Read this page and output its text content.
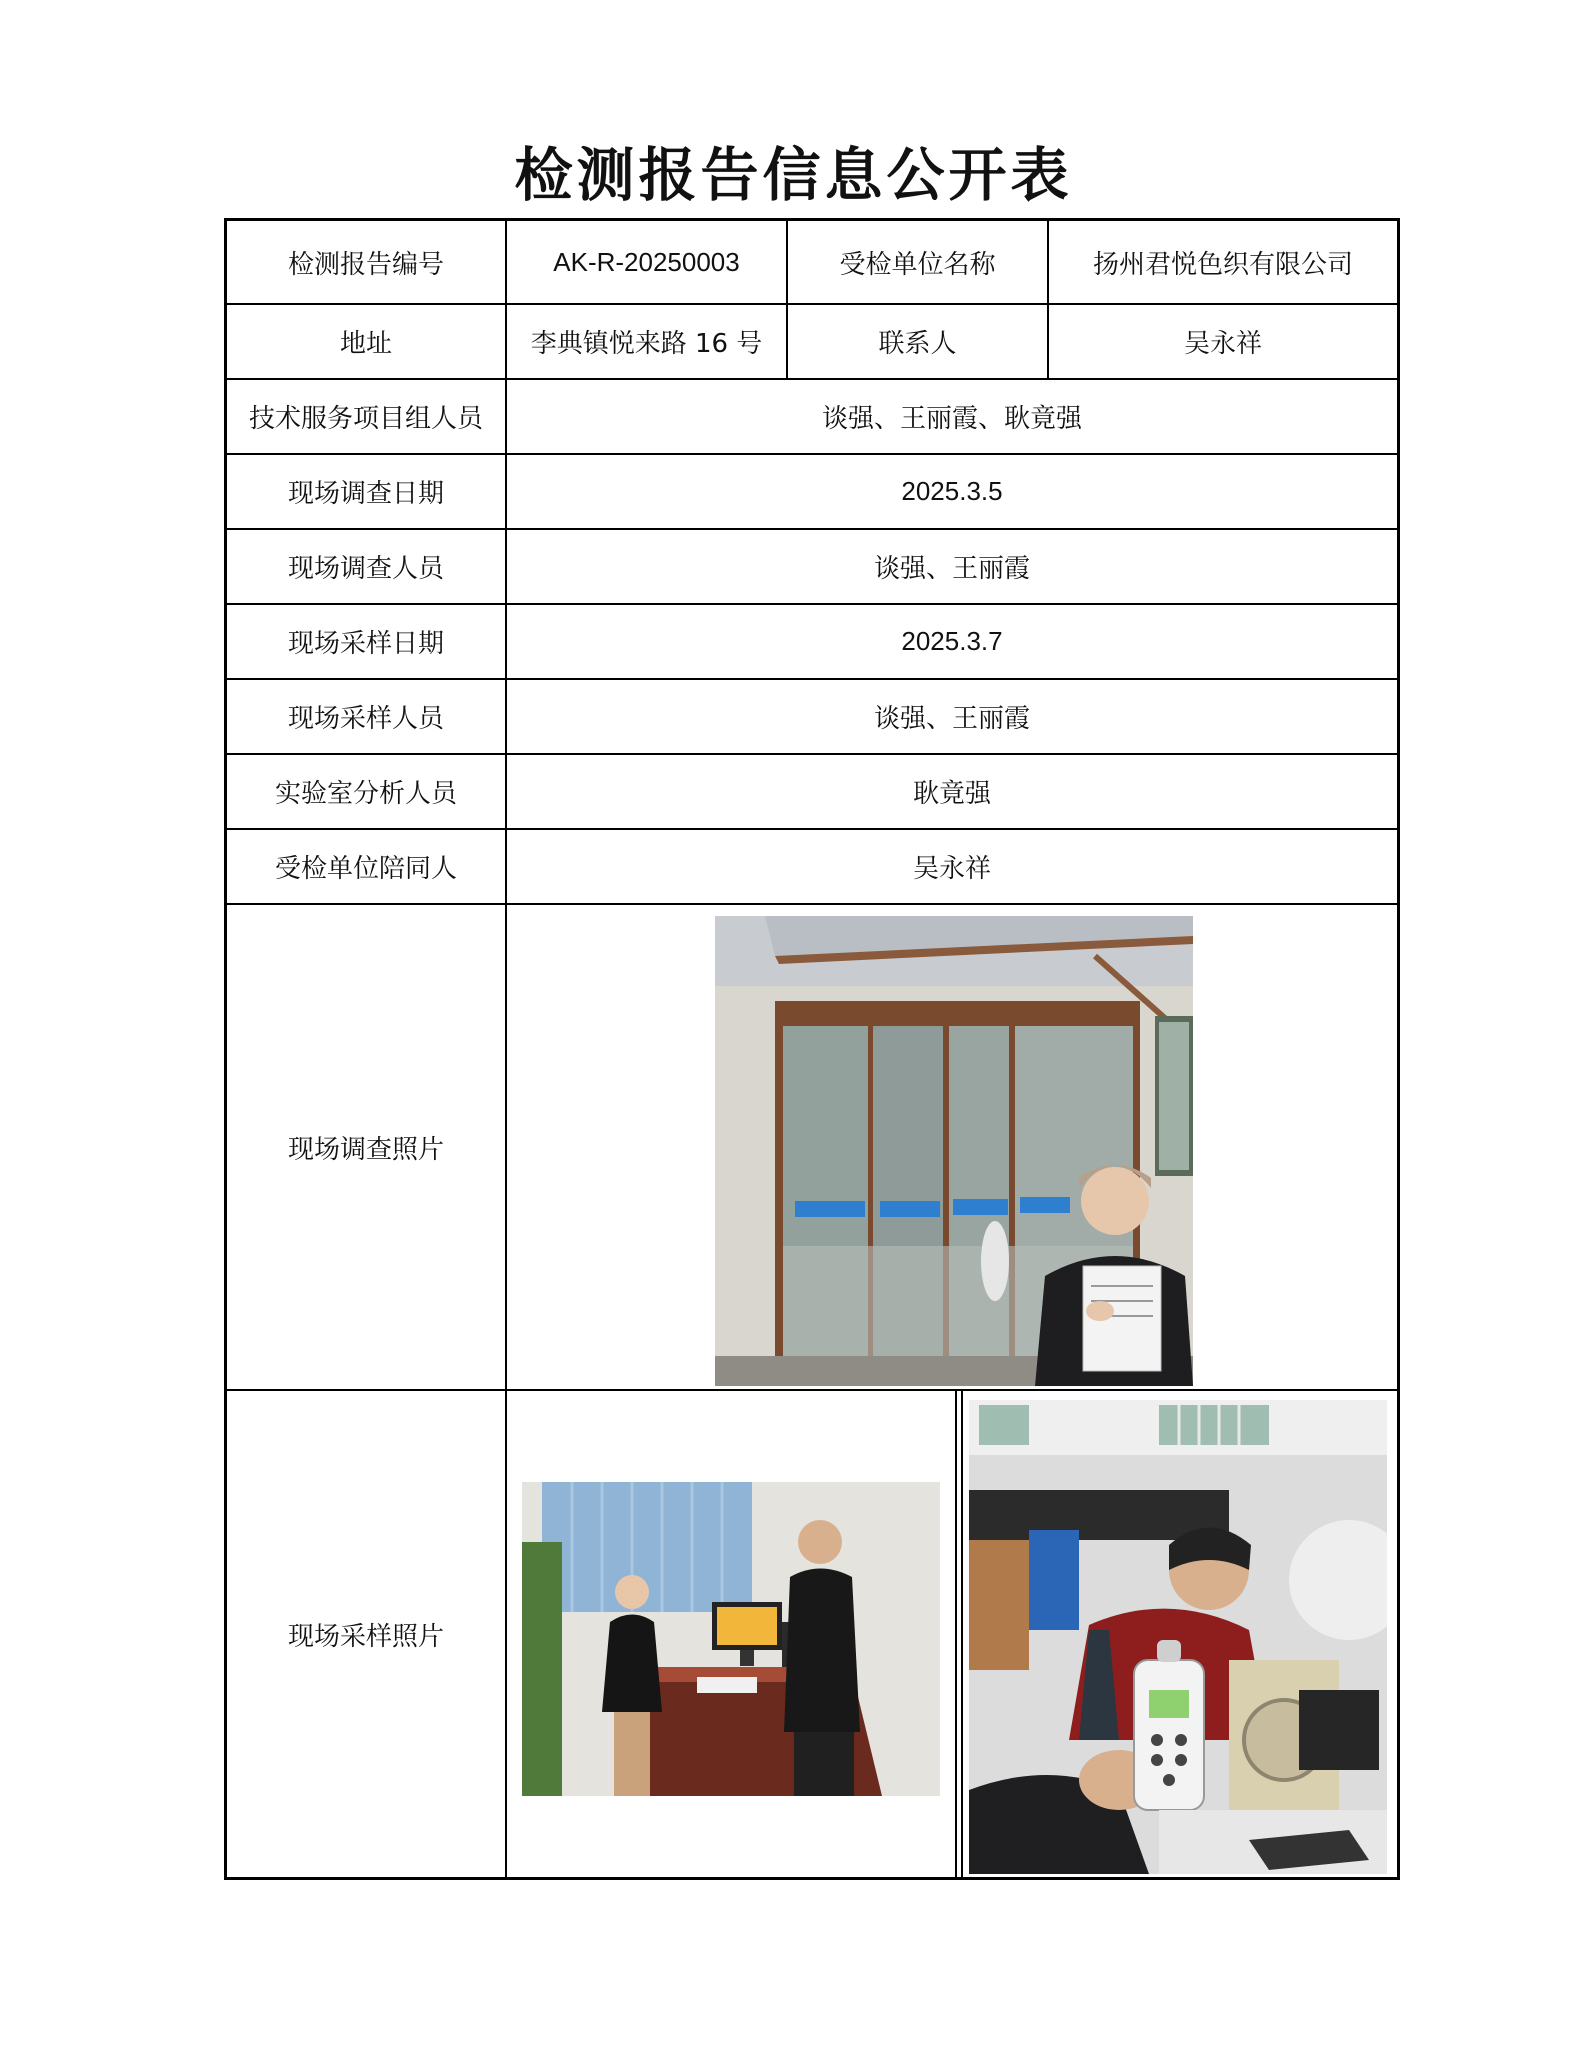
检测报告信息公开表
检测报告编号	AK-R-20250003	受检单位名称	扬州君悦色织有限公司
地址	李典镇悦来路 16 号	联系人	吴永祥
技术服务项目组人员	谈强、王丽霞、耿竟强
现场调查日期	2025.3.5
现场调查人员	谈强、王丽霞
现场采样日期	2025.3.7
现场采样人员	谈强、王丽霞
实验室分析人员	耿竟强
受检单位陪同人	吴永祥
现场调查照片
现场采样照片
